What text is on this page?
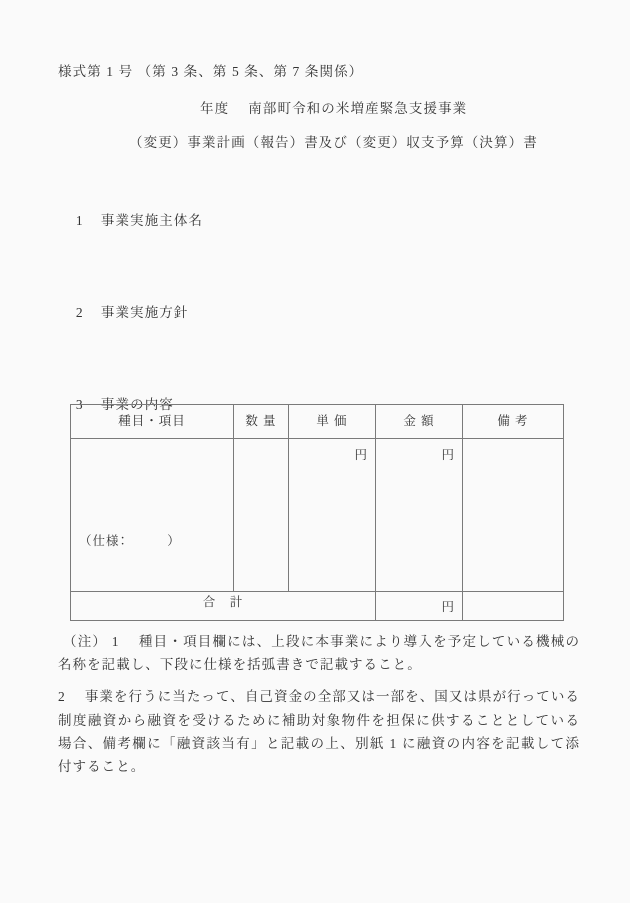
様式第 1 号 （第 3 条、第 5 条、第 7 条関係）
年度　 南部町令和の米増産緊急支援事業
（変更）事業計画（報告）書及び（変更）収支予算（決算）書

1 事業実施主体名

2 事業実施方針

3 事業の内容

種目・項目	数 量	単 価	金 額	備 考

（仕様：　　　）		円	円	

合　計			円	

（注） 1　 種目・項目欄には、上段に本事業により導入を予定している機械の名称を記載し、下段に仕様を括弧書きで記載すること。

2　 事業を行うに当たって、自己資金の全部又は一部を、国又は県が行っている制度融資から融資を受けるために補助対象物件を担保に供することとしている場合、備考欄に「融資該当有」と記載の上、別紙 1 に融資の内容を記載して添付すること。
